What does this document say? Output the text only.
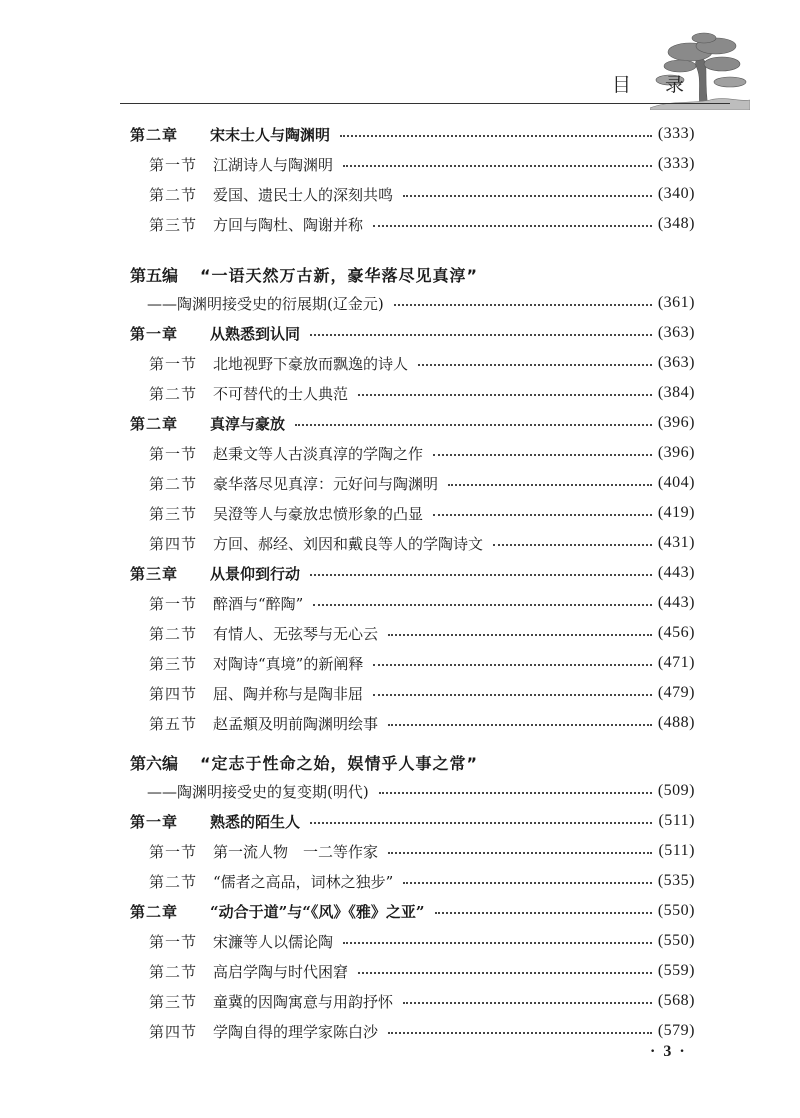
目 录
第二章	宋末士人与陶渊明	(333)
第一节	江湖诗人与陶渊明	(333)
第二节	爱国、遗民士人的深刻共鸣	(340)
第三节	方回与陶杜、陶谢并称	(348)
第五编	“一语天然万古新，豪华落尽见真淳”
——陶渊明接受史的衍展期(辽金元)	(361)
第一章	从熟悉到认同	(363)
第一节	北地视野下豪放而飘逸的诗人	(363)
第二节	不可替代的士人典范	(384)
第二章	真淳与豪放	(396)
第一节	赵秉文等人古淡真淳的学陶之作	(396)
第二节	豪华落尽见真淳：元好问与陶渊明	(404)
第三节	吴澄等人与豪放忠愤形象的凸显	(419)
第四节	方回、郝经、刘因和戴良等人的学陶诗文	(431)
第三章	从景仰到行动	(443)
第一节	醉酒与“醉陶”	(443)
第二节	有情人、无弦琴与无心云	(456)
第三节	对陶诗“真境”的新阐释	(471)
第四节	屈、陶并称与是陶非屈	(479)
第五节	赵孟頫及明前陶渊明绘事	(488)
第六编	“定志于性命之始，娱情乎人事之常”
——陶渊明接受史的复变期(明代)	(509)
第一章	熟悉的陌生人	(511)
第一节	第一流人物　一二等作家	(511)
第二节	“儒者之高品，词林之独步”	(535)
第二章	“动合于道”与“《风》《雅》之亚”	(550)
第一节	宋濂等人以儒论陶	(550)
第二节	高启学陶与时代困窘	(559)
第三节	童冀的因陶寓意与用韵抒怀	(568)
第四节	学陶自得的理学家陈白沙	(579)
· 3 ·
